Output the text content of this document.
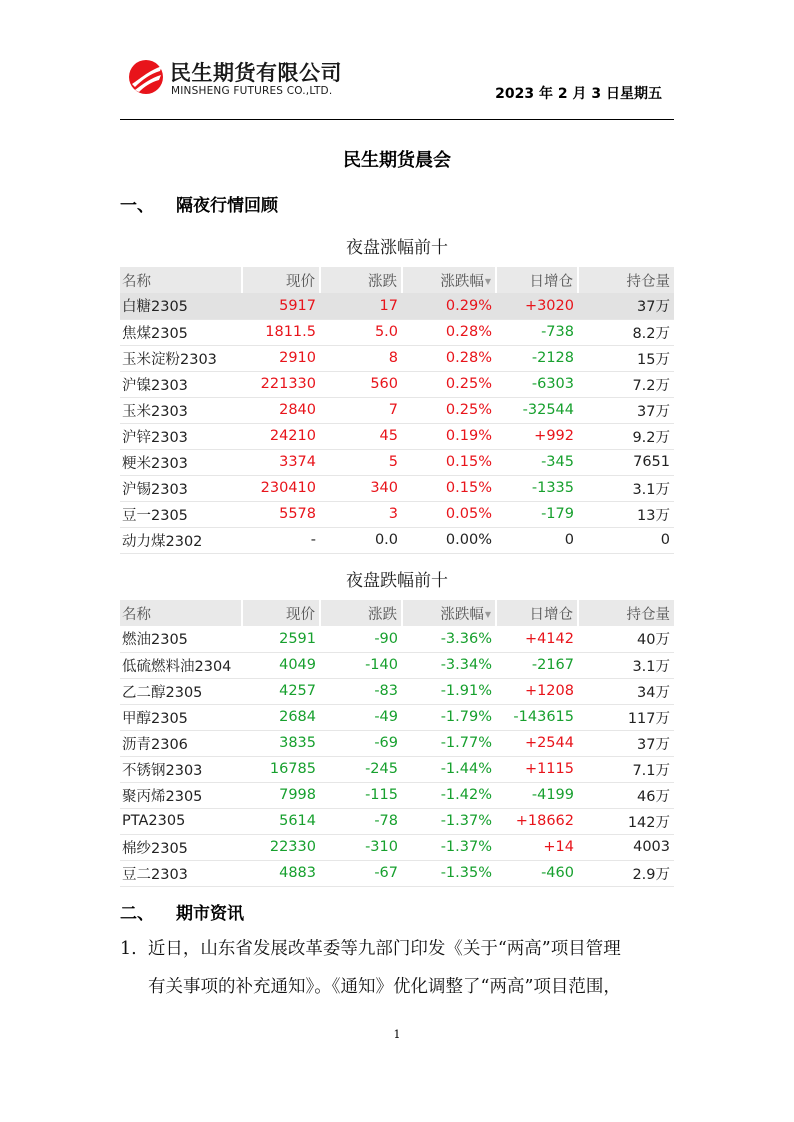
民生期货有限公司
MINSHENG FUTURES CO.,LTD.	2023 年 2 月 3 日星期五
民生期货晨会
一、 隔夜行情回顾
夜盘涨幅前十
名称	现价	涨跌	涨跌幅▼	日增仓	持仓量
白糖2305	5917	17	0.29%	+3020	37万
焦煤2305	1811.5	5.0	0.28%	-738	8.2万
玉米淀粉2303	2910	8	0.28%	-2128	15万
沪镍2303	221330	560	0.25%	-6303	7.2万
玉米2303	2840	7	0.25%	-32544	37万
沪锌2303	24210	45	0.19%	+992	9.2万
粳米2303	3374	5	0.15%	-345	7651
沪锡2303	230410	340	0.15%	-1335	3.1万
豆一2305	5578	3	0.05%	-179	13万
动力煤2302	-	0.0	0.00%	0	0
夜盘跌幅前十
名称	现价	涨跌	涨跌幅▼	日增仓	持仓量
燃油2305	2591	-90	-3.36%	+4142	40万
低硫燃料油2304	4049	-140	-3.34%	-2167	3.1万
乙二醇2305	4257	-83	-1.91%	+1208	34万
甲醇2305	2684	-49	-1.79%	-143615	117万
沥青2306	3835	-69	-1.77%	+2544	37万
不锈钢2303	16785	-245	-1.44%	+1115	7.1万
聚丙烯2305	7998	-115	-1.42%	-4199	46万
PTA2305	5614	-78	-1.37%	+18662	142万
棉纱2305	22330	-310	-1.37%	+14	4003
豆二2303	4883	-67	-1.35%	-460	2.9万
二、 期市资讯
1. 近日，山东省发展改革委等九部门印发《关于“两高”项目管理
有关事项的补充通知》。《通知》优化调整了“两高”项目范围，
1
